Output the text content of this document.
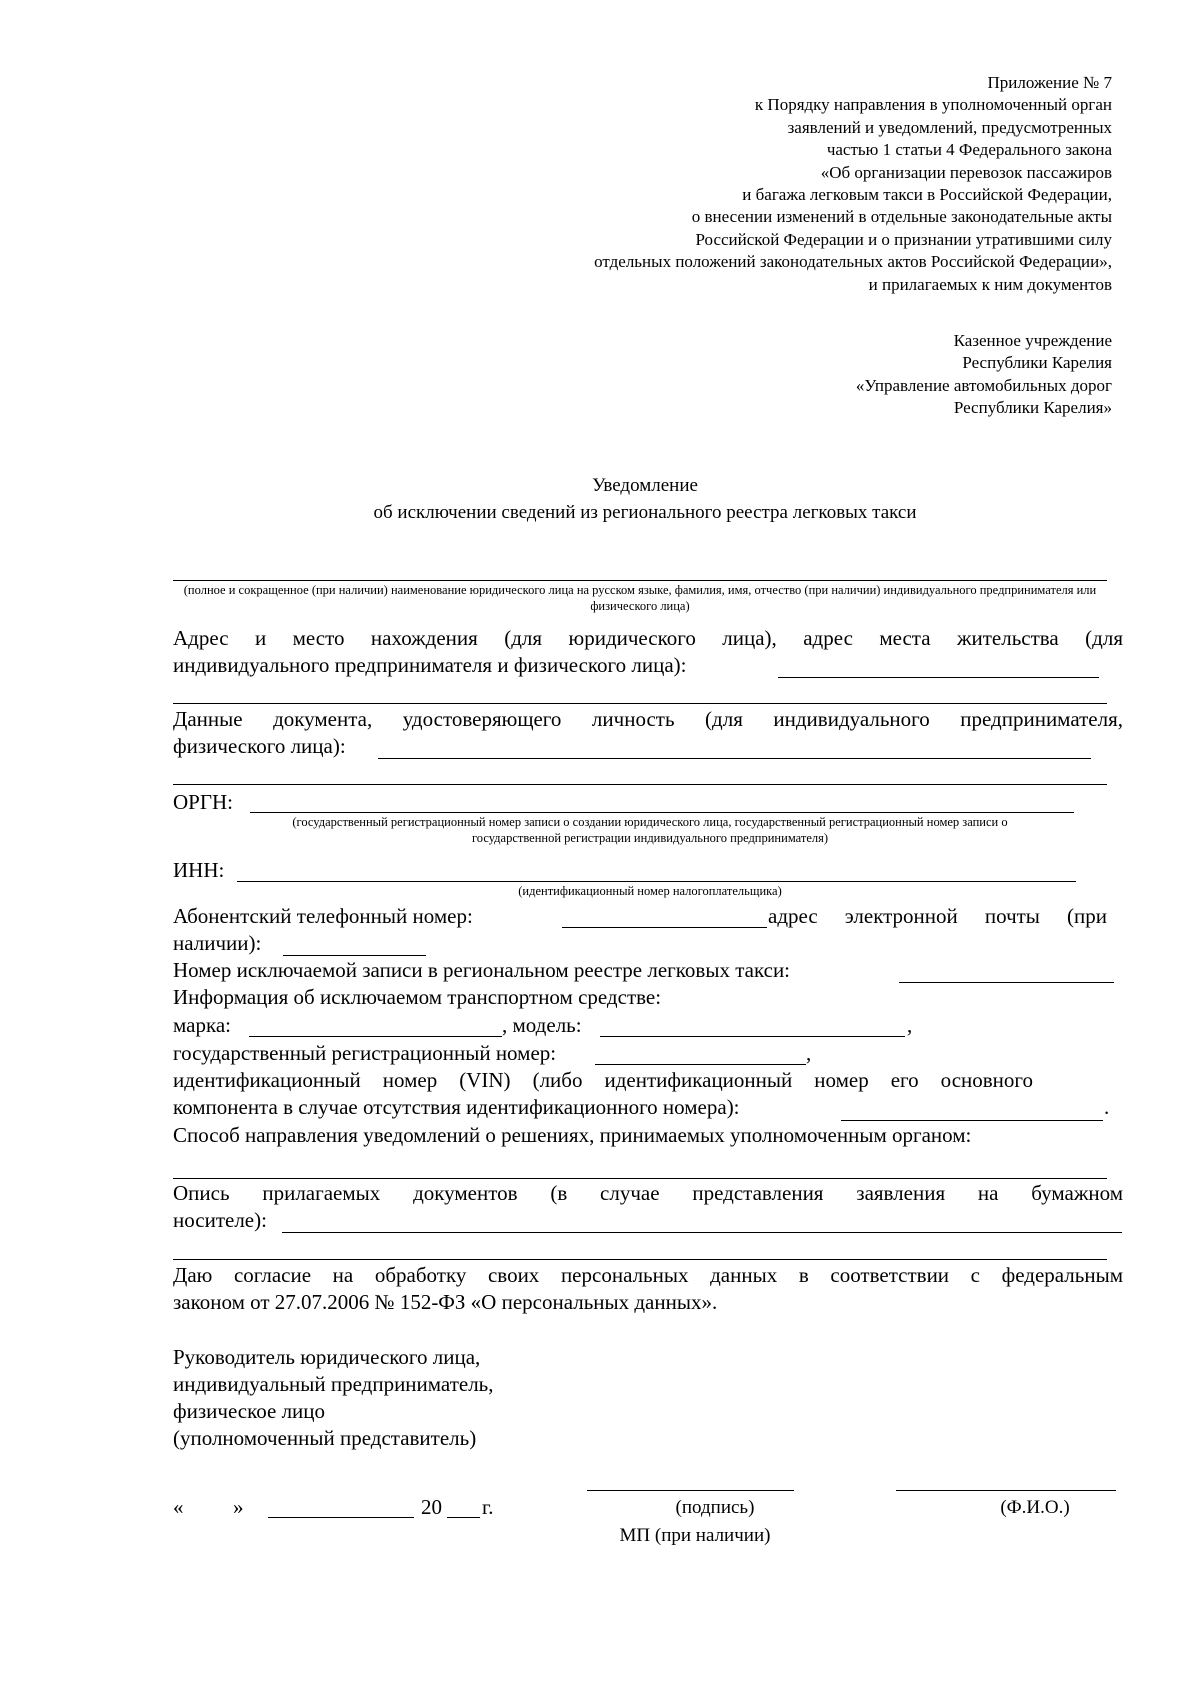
Приложение № 7
к Порядку направления в уполномоченный орган
заявлений и уведомлений, предусмотренных
частью 1 статьи 4 Федерального закона
«Об организации перевозок пассажиров
и багажа легковым такси в Российской Федерации,
о внесении изменений в отдельные законодательные акты
Российской Федерации и о признании утратившими силу
отдельных положений законодательных актов Российской Федерации»,
и прилагаемых к ним документов
Казенное учреждение
Республики Карелия
«Управление автомобильных дорог
Республики Карелия»
Уведомление
об исключении сведений из регионального реестра легковых такси
(полное и сокращенное (при наличии) наименование юридического лица на русском языке, фамилия, имя, отчество (при наличии) индивидуального предпринимателя или физического лица)
Адрес и место нахождения (для юридического лица), адрес места жительства (для
индивидуального предпринимателя и физического лица):
Данные документа, удостоверяющего личность (для индивидуального предпринимателя,
физического лица):
ОРГН:
(государственный регистрационный номер записи о создании юридического лица, государственный регистрационный номер записи о государственной регистрации индивидуального предпринимателя)
ИНН:
(идентификационный номер налогоплательщика)
Абонентский телефонный номер:	адрес электронной почты (при
наличии):
Номер исключаемой записи в региональном реестре легковых такси:
Информация об исключаемом транспортном средстве:
марка:	, модель:	,
государственный регистрационный номер:	,
идентификационный номер (VIN) (либо идентификационный номер его основного
компонента в случае отсутствия идентификационного номера):	.
Способ направления уведомлений о решениях, принимаемых уполномоченным органом:
Опись прилагаемых документов (в случае представления заявления на бумажном
носителе):
Даю согласие на обработку своих персональных данных в соответствии с федеральным
законом от 27.07.2006 № 152-ФЗ «О персональных данных».
Руководитель юридического лица,
индивидуальный предприниматель,
физическое лицо
(уполномоченный представитель)
« »	20 г.	(подпись)	(Ф.И.О.)
МП (при наличии)
